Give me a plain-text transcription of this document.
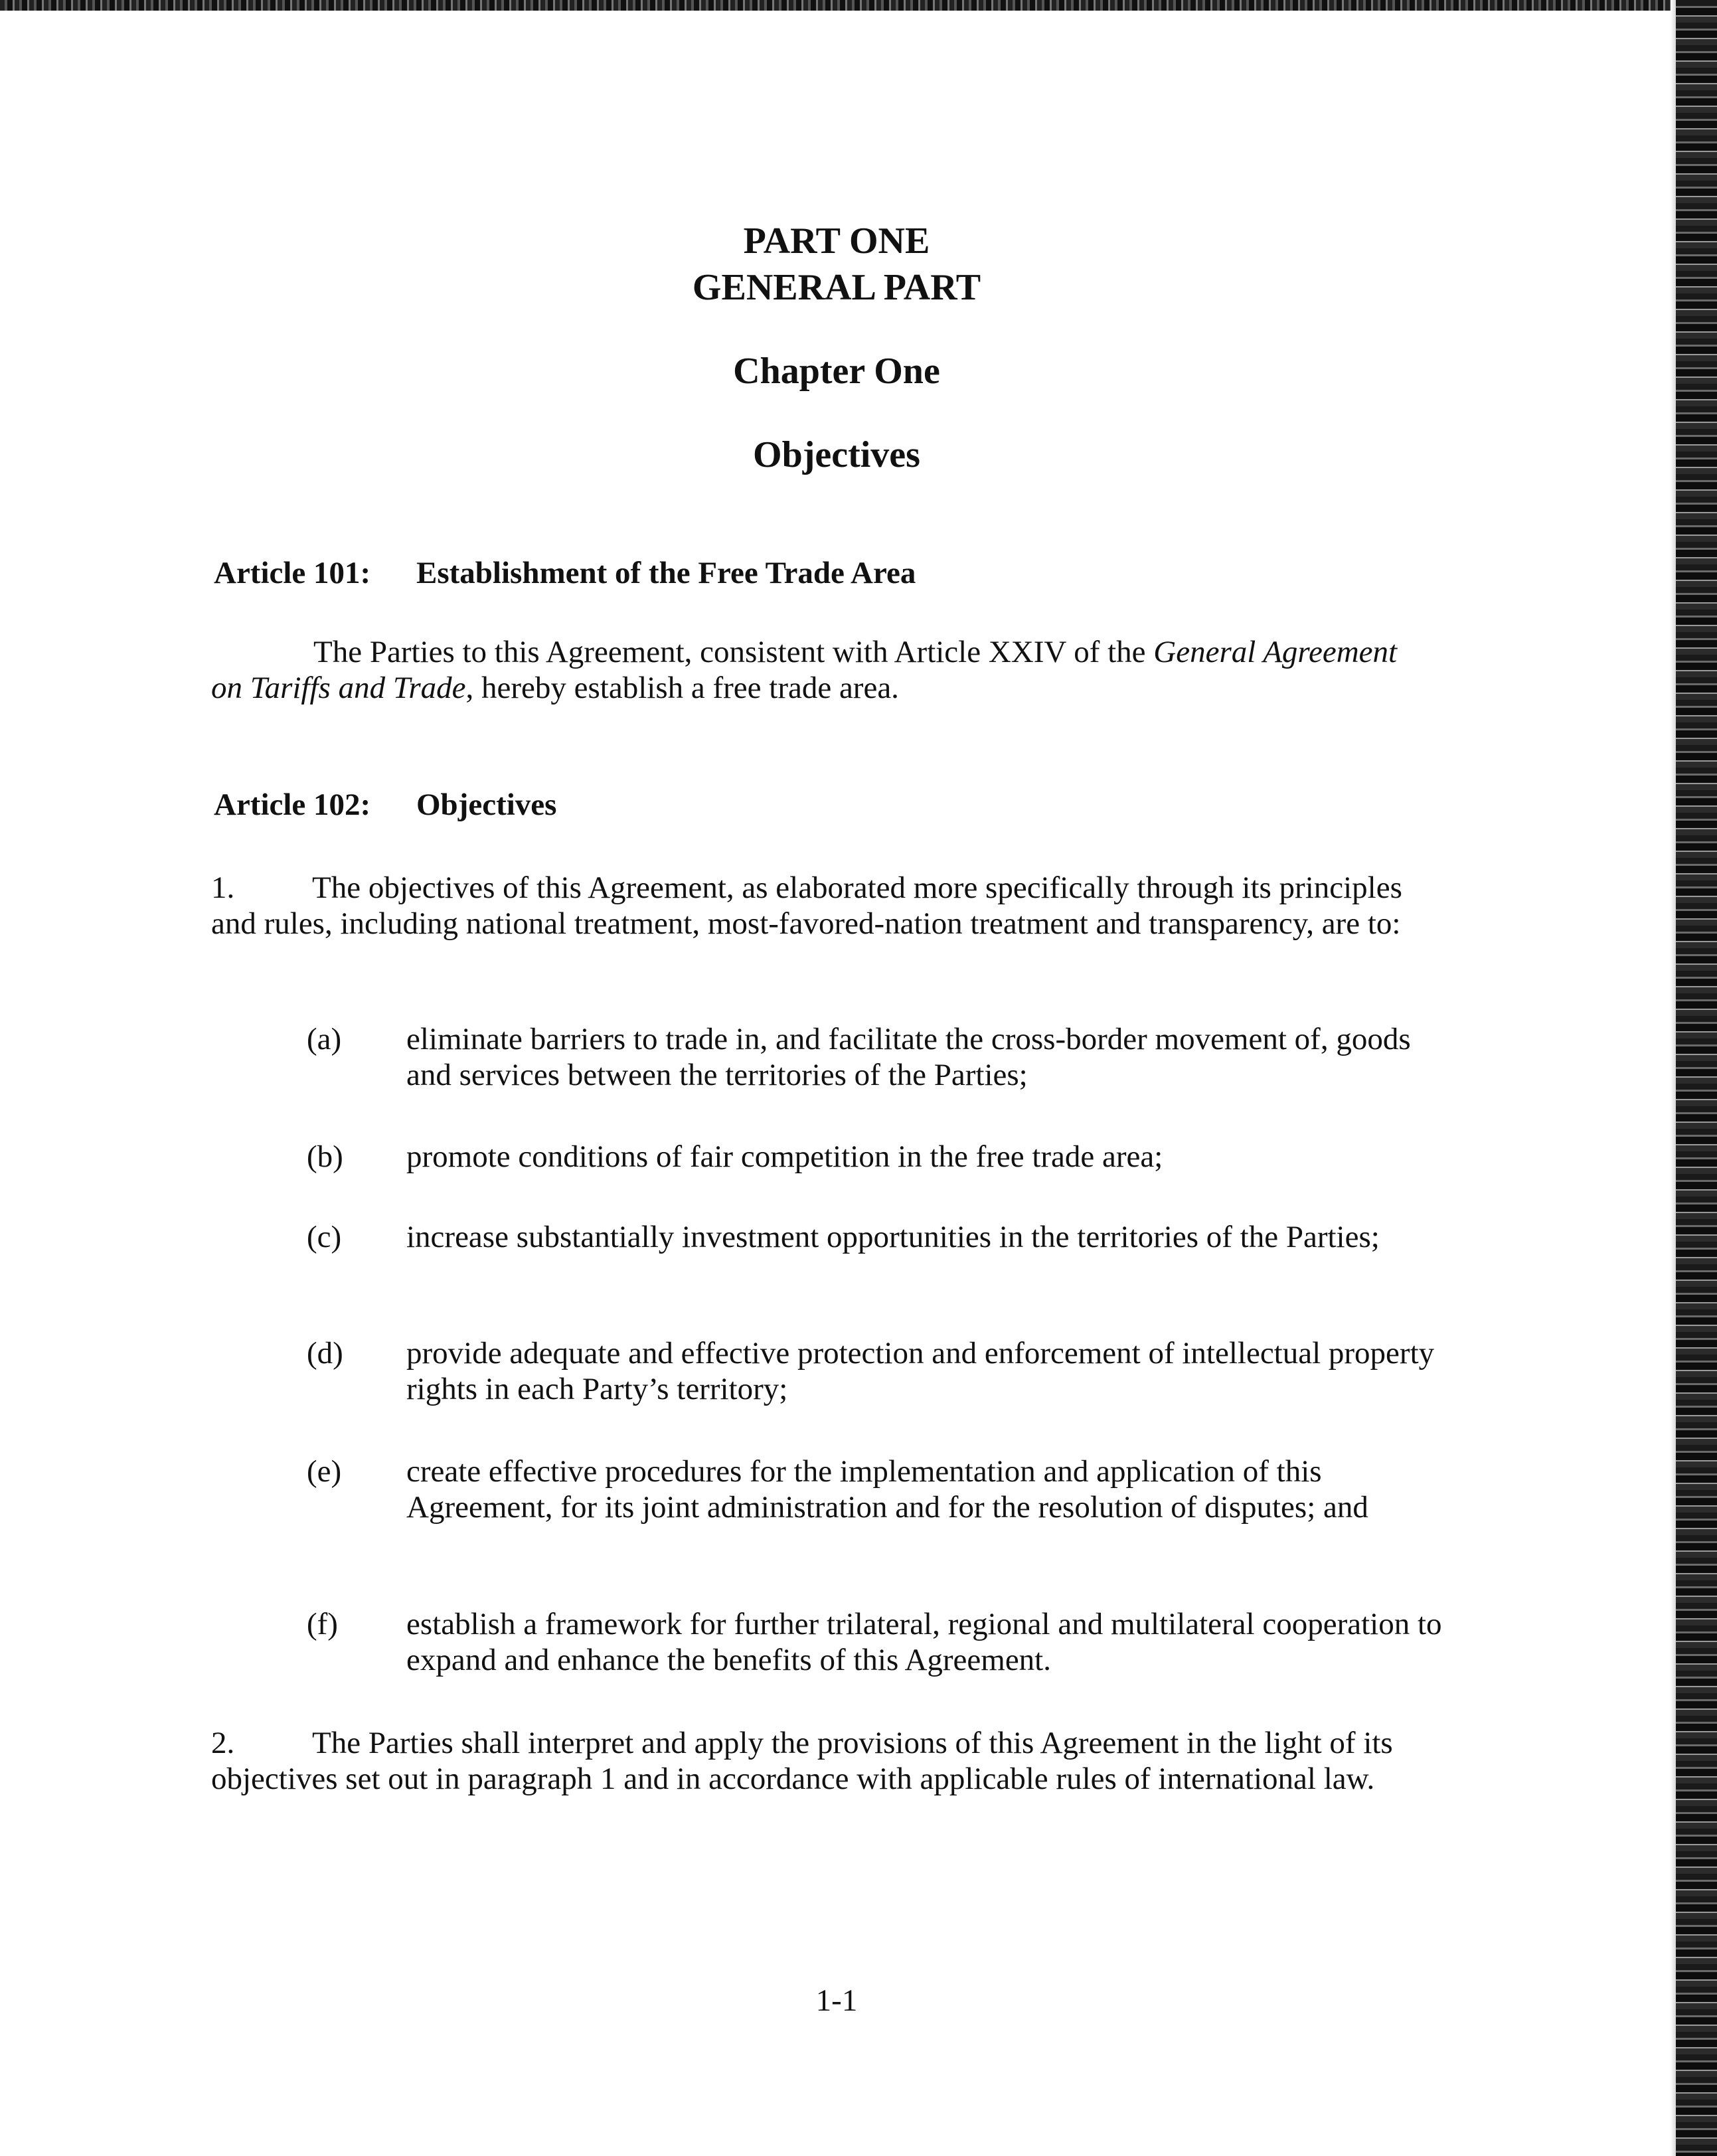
PART ONE
GENERAL PART
Chapter One
Objectives
Article 101: Establishment of the Free Trade Area

The Parties to this Agreement, consistent with Article XXIV of the General Agreement on Tariffs and Trade, hereby establish a free trade area.

Article 102: Objectives

1. The objectives of this Agreement, as elaborated more specifically through its principles and rules, including national treatment, most-favored-nation treatment and transparency, are to:

(a) eliminate barriers to trade in, and facilitate the cross-border movement of, goods and services between the territories of the Parties;
(b) promote conditions of fair competition in the free trade area;
(c) increase substantially investment opportunities in the territories of the Parties;
(d) provide adequate and effective protection and enforcement of intellectual property rights in each Party’s territory;
(e) create effective procedures for the implementation and application of this Agreement, for its joint administration and for the resolution of disputes; and
(f) establish a framework for further trilateral, regional and multilateral cooperation to expand and enhance the benefits of this Agreement.

2. The Parties shall interpret and apply the provisions of this Agreement in the light of its objectives set out in paragraph 1 and in accordance with applicable rules of international law.

1-1
